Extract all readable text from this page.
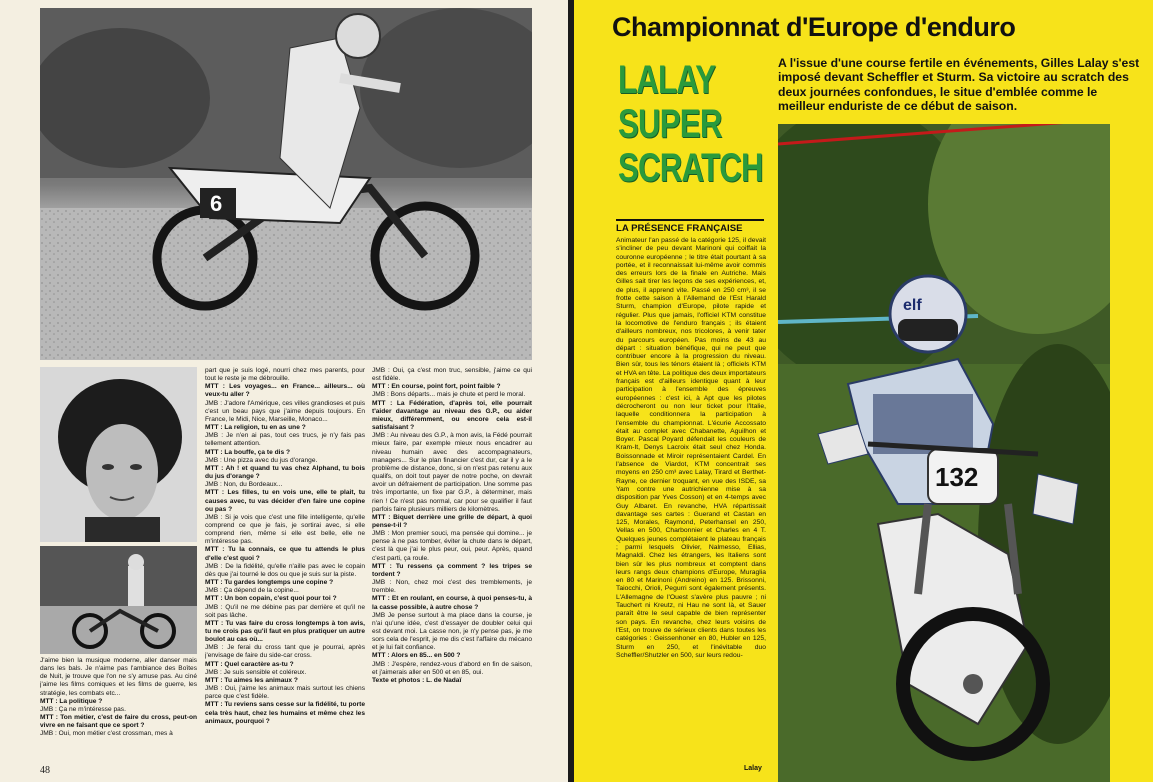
6

J'aime bien la musique moderne, aller danser mais dans les bals. Je n'aime pas l'ambiance des Boîtes de Nuit, je trouve que l'on ne s'y amuse pas. Au ciné j'aime les films comiques et les films de guerre, les stratégie, les combats etc...

MTT : La politique ?

JMB : Ça ne m'intéresse pas.

MTT : Ton métier, c'est de faire du cross, peut-on vivre en ne faisant que ce sport ?

JMB : Oui, mon métier c'est crossman, mes à

part que je suis logé, nourri chez mes parents, pour tout le reste je me débrouille.

MTT : Les voyages... en France... ailleurs... où veux-tu aller ?

JMB : J'adore l'Amérique, ces villes grandioses et puis c'est un beau pays que j'aime depuis toujours. En France, le Midi, Nice, Marseille, Monaco...

MTT : La religion, tu en as une ?

JMB : Je n'en ai pas, tout ces trucs, je n'y fais pas tellement attention.

MTT : La bouffe, ça te dis ?

JMB : Une pizza avec du jus d'orange.

MTT : Ah ! et quand tu vas chez Alphand, tu bois du jus d'orange ?

JMB : Non, du Bordeaux...

MTT : Les filles, tu en vois une, elle te plait, tu causes avec, tu vas décider d'en faire une copine ou pas ?

JMB : Si je vois que c'est une fille intelligente, qu'elle comprend ce que je fais, je sortirai avec, si elle comprend rien, même si elle est belle, elle ne m'intéresse pas.

MTT : Tu la connais, ce que tu attends le plus d'elle c'est quoi ?

JMB : De la fidélité, qu'elle n'aille pas avec le copain dès que j'ai tourné le dos ou que je suis sur la piste.

MTT : Tu gardes longtemps une copine ?

JMB : Ça dépend de la copine...

MTT : Un bon copain, c'est quoi pour toi ?

JMB : Qu'il ne me débine pas par derrière et qu'il ne soit pas lâche.

MTT : Tu vas faire du cross longtemps à ton avis, tu ne crois pas qu'il faut en plus pratiquer un autre boulot au cas où...

JMB : Je ferai du cross tant que je pourrai, après j'envisage de faire du side-car cross.

MTT : Quel caractère as-tu ?

JMB : Je suis sensible et coléreux.

MTT : Tu aimes les animaux ?

JMB : Oui, j'aime les animaux mais surtout les chiens parce que c'est fidèle.

MTT : Tu reviens sans cesse sur la fidélité, tu porte cela très haut, chez les humains et même chez les animaux, pourquoi ?

JMB : Oui, ça c'est mon truc, sensible, j'aime ce qui est fidèle.

MTT : En course, point fort, point faible ?

JMB : Bons départs... mais je chute et perd le moral.

MTT : La Fédération, d'après toi, elle pourrait t'aider davantage au niveau des G.P., ou aider mieux, différemment, ou encore cela est-il satisfaisant ?

JMB : Au niveau des G.P., à mon avis, la Fédé pourrait mieux faire, par exemple mieux nous encadrer au niveau humain avec des accompagnateurs, managers... Sur le plan financier c'est dur, car il y a le problème de distance, donc, si on n'est pas retenu aux qualifs, on doit tout payer de notre poche, on devrait avoir un défraiement de participation. Une somme pas très importante, un fixe par G.P., à déterminer, mais rien ! Ce n'est pas normal, car pour se qualifier il faut parfois faire plusieurs milliers de kilomètres.

MTT : Biquet derrière une grille de départ, à quoi pense-t-il ?

JMB : Mon premier souci, ma pensée qui domine... je pense à ne pas tomber, éviter la chute dans le départ, c'est là que j'ai le plus peur, oui, peur. Après, quand c'est parti, ça roule.

MTT : Tu ressens ça comment ? les tripes se tordent ?

JMB : Non, chez moi c'est des tremblements, je tremble.

MTT : Et en roulant, en course, à quoi penses-tu, à la casse possible, à autre chose ?

JMB Je pense surtout à ma place dans la course, je n'ai qu'une idée, c'est d'essayer de doubler celui qui est devant moi. La casse non, je n'y pense pas, je me sors cela de l'esprit, je me dis c'est l'affaire du mécano et je lui fait confiance.

MTT : Alors en 85... en 500 ?

JMB : J'espère, rendez-vous d'abord en fin de saison, et j'aimerais aller en 500 et en 85, oui.

Texte et photos : L. de Nadaï

48
Championnat d'Europe d'enduro
LALAY
SUPER
SCRATCH
A l'issue d'une course fertile en événements, Gilles Lalay s'est imposé devant Scheffler et Sturm. Sa victoire au scratch des deux journées confondues, le situe d'emblée comme le meilleur enduriste de ce début de saison.
LA PRÉSENCE FRANÇAISE
Animateur l'an passé de la catégorie 125, il devait s'incliner de peu devant Marinoni qui coiffait la couronne européenne ; le titre était pourtant à sa portée, et il reconnaissait lui-même avoir commis des erreurs lors de la finale en Autriche. Mais Gilles sait tirer les leçons de ses expériences, et, de plus, il apprend vite. Passé en 250 cm³, il se frotte cette saison à l'Allemand de l'Est Harald Sturm, champion d'Europe, pilote rapide et régulier. Plus que jamais, l'officiel KTM constitue la locomotive de l'enduro français ; ils étaient d'ailleurs nombreux, nos tricolores, à venir tater du parcours européen. Pas moins de 43 au départ : situation bénéfique, qui ne peut que contribuer encore à la progression du niveau. Bien sûr, tous les ténors étaient là ; officiels KTM et HVA en tête. La politique des deux importateurs français est d'ailleurs identique quant à leur participation à l'ensemble des épreuves européennes : c'est ici, à Apt que les pilotes décrocheront ou non leur ticket pour l'Italie, laquelle conditionnera la participation à l'ensemble du championnat. L'écurie Accossato était au complet avec Chabanette, Aguilhon et Boyer. Pascal Poyard défendait les couleurs de Kram-It, Denys Lacroix était seul chez Honda. Boissonnade et Miroir représentaient Cardel. En l'absence de Viardot, KTM concentrait ses moyens en 250 cm³ avec Lalay, Tirard et Berthet-Rayne, ce dernier troquant, en vue des ISDE, sa Yam contre une autrichienne mise à sa disposition par Yves Cosson) et en 4-temps avec Guy Albaret. En revanche, HVA répartissait davantage ses cartes : Guerand et Castan en 125, Morales, Raymond, Peterhansel en 250, Vellas en 500, Charbonnier et Charles en 4 T. Quelques jeunes complétaient le plateau français ; parmi lesquels Olivier, Nalmesso, Ellias, Magnaldi. Chez les étrangers, les Italiens sont bien sûr les plus nombreux et comptent dans leurs rangs deux champions d'Europe, Muraglia en 80 et Marinoni (Andreino) en 125. Brissonni, Taiocchi, Orioli, Pegurri sont également présents. L'Allemagne de l'Ouest s'avère plus pauvre ; ni Tauchert ni Kreutz, ni Hau ne sont là, et Sauer paraît être le seul capable de bien représenter son pays. En revanche, chez leurs voisins de l'Est, on trouve de sérieux clients dans toutes les catégories : Geissenhoner en 80, Hubler en 125, Sturm en 250, et l'inévitable duo Scheffler/Shutzler en 500, sur leurs redou-
Lalay
elf
132
